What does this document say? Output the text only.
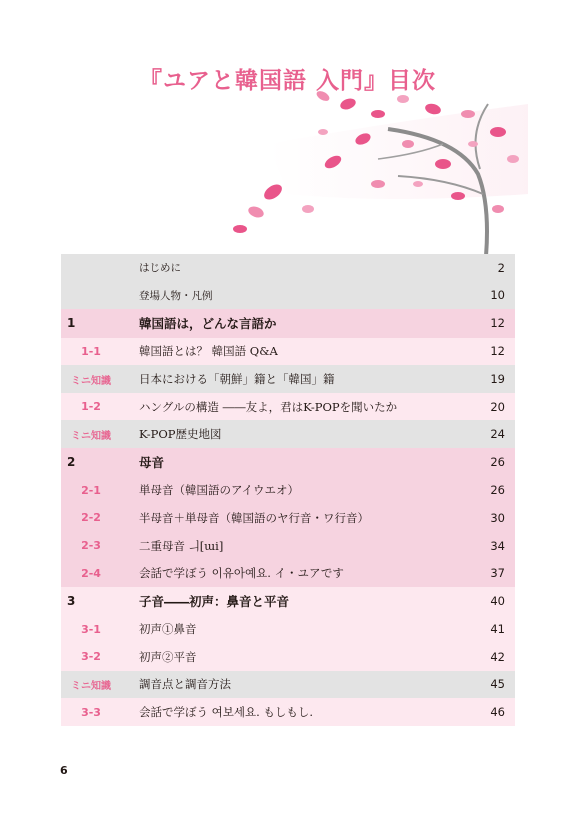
『ユアと韓国語 入門』目次
はじめに	2
登場人物・凡例	10
1	韓国語は，どんな言語か	12
1-1	韓国語とは？ 韓国語 Q&A	12
ミニ知識	日本における「朝鮮」籍と「韓国」籍	19
1-2	ハングルの構造 ――友よ，君はK-POPを聞いたか	20
ミニ知識	K-POP歴史地図	24
2	母音	26
2-1	単母音（韓国語のアイウエオ）	26
2-2	半母音＋単母音（韓国語のヤ行音・ワ行音）	30
2-3	二重母音 ㅢ[ɯi]	34
2-4	会話で学ぼう 이유아예요. イ・ユアです	37
3	子音――初声：鼻音と平音	40
3-1	初声①鼻音	41
3-2	初声②平音	42
ミニ知識	調音点と調音方法	45
3-3	会話で学ぼう 여보세요. もしもし.	46
6
